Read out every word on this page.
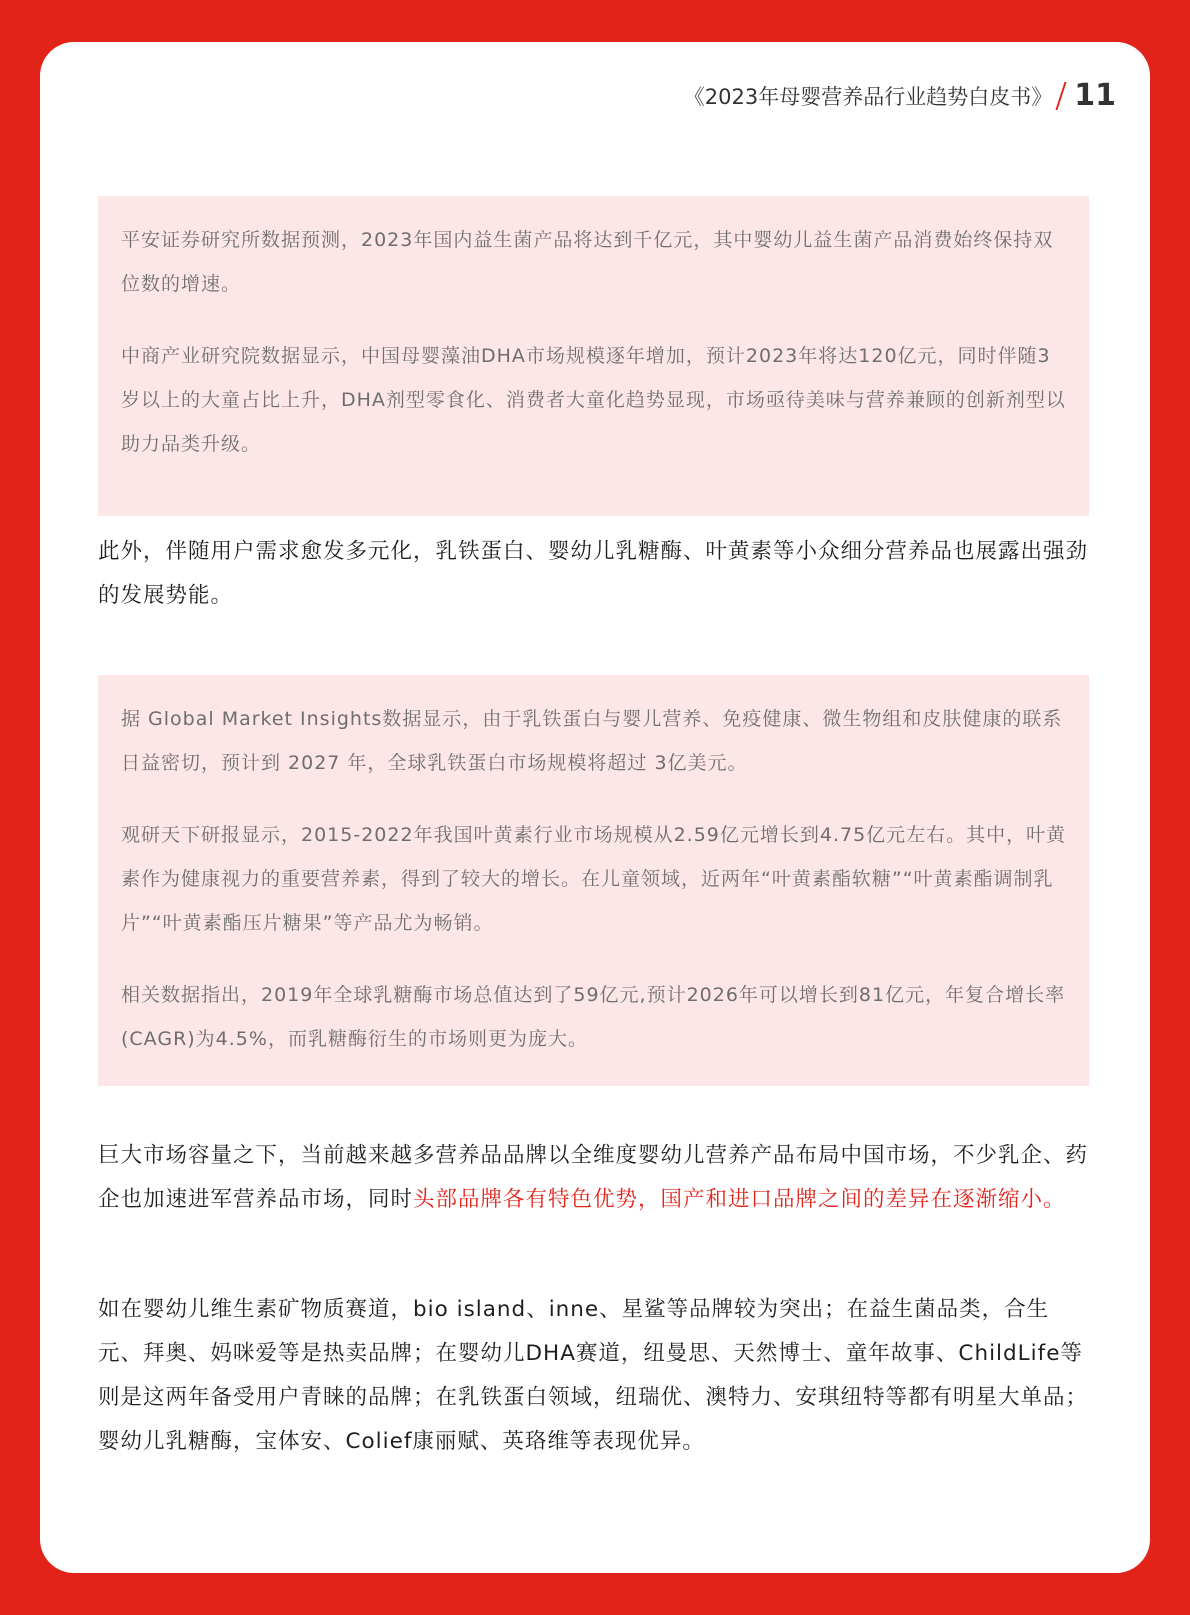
《2023年母婴营养品行业趋势白皮书》 11

平安证券研究所数据预测，2023年国内益生菌产品将达到千亿元，其中婴幼儿益生菌产品消费始终保持双位数的增速。

中商产业研究院数据显示，中国母婴藻油DHA市场规模逐年增加，预计2023年将达120亿元，同时伴随3岁以上的大童占比上升，DHA剂型零食化、消费者大童化趋势显现，市场亟待美味与营养兼顾的创新剂型以助力品类升级。

此外，伴随用户需求愈发多元化，乳铁蛋白、婴幼儿乳糖酶、叶黄素等小众细分营养品也展露出强劲的发展势能。

据 Global Market Insights数据显示，由于乳铁蛋白与婴儿营养、免疫健康、微生物组和皮肤健康的联系日益密切，预计到 2027 年，全球乳铁蛋白市场规模将超过 3亿美元。

观研天下研报显示，2015-2022年我国叶黄素行业市场规模从2.59亿元增长到4.75亿元左右。其中，叶黄素作为健康视力的重要营养素，得到了较大的增长。在儿童领域，近两年“叶黄素酯软糖”“叶黄素酯调制乳片”“叶黄素酯压片糖果”等产品尤为畅销。

相关数据指出，2019年全球乳糖酶市场总值达到了59亿元,预计2026年可以增长到81亿元，年复合增长率(CAGR)为4.5%，而乳糖酶衍生的市场则更为庞大。

巨大市场容量之下，当前越来越多营养品品牌以全维度婴幼儿营养产品布局中国市场，不少乳企、药企也加速进军营养品市场，同时头部品牌各有特色优势，国产和进口品牌之间的差异在逐渐缩小。

如在婴幼儿维生素矿物质赛道，bio island、inne、星鲨等品牌较为突出；在益生菌品类，合生元、拜奥、妈咪爱等是热卖品牌；在婴幼儿DHA赛道，纽曼思、天然博士、童年故事、ChildLife等则是这两年备受用户青睐的品牌；在乳铁蛋白领域，纽瑞优、澳特力、安琪纽特等都有明星大单品；婴幼儿乳糖酶，宝体安、Colief康丽赋、英珞维等表现优异。
